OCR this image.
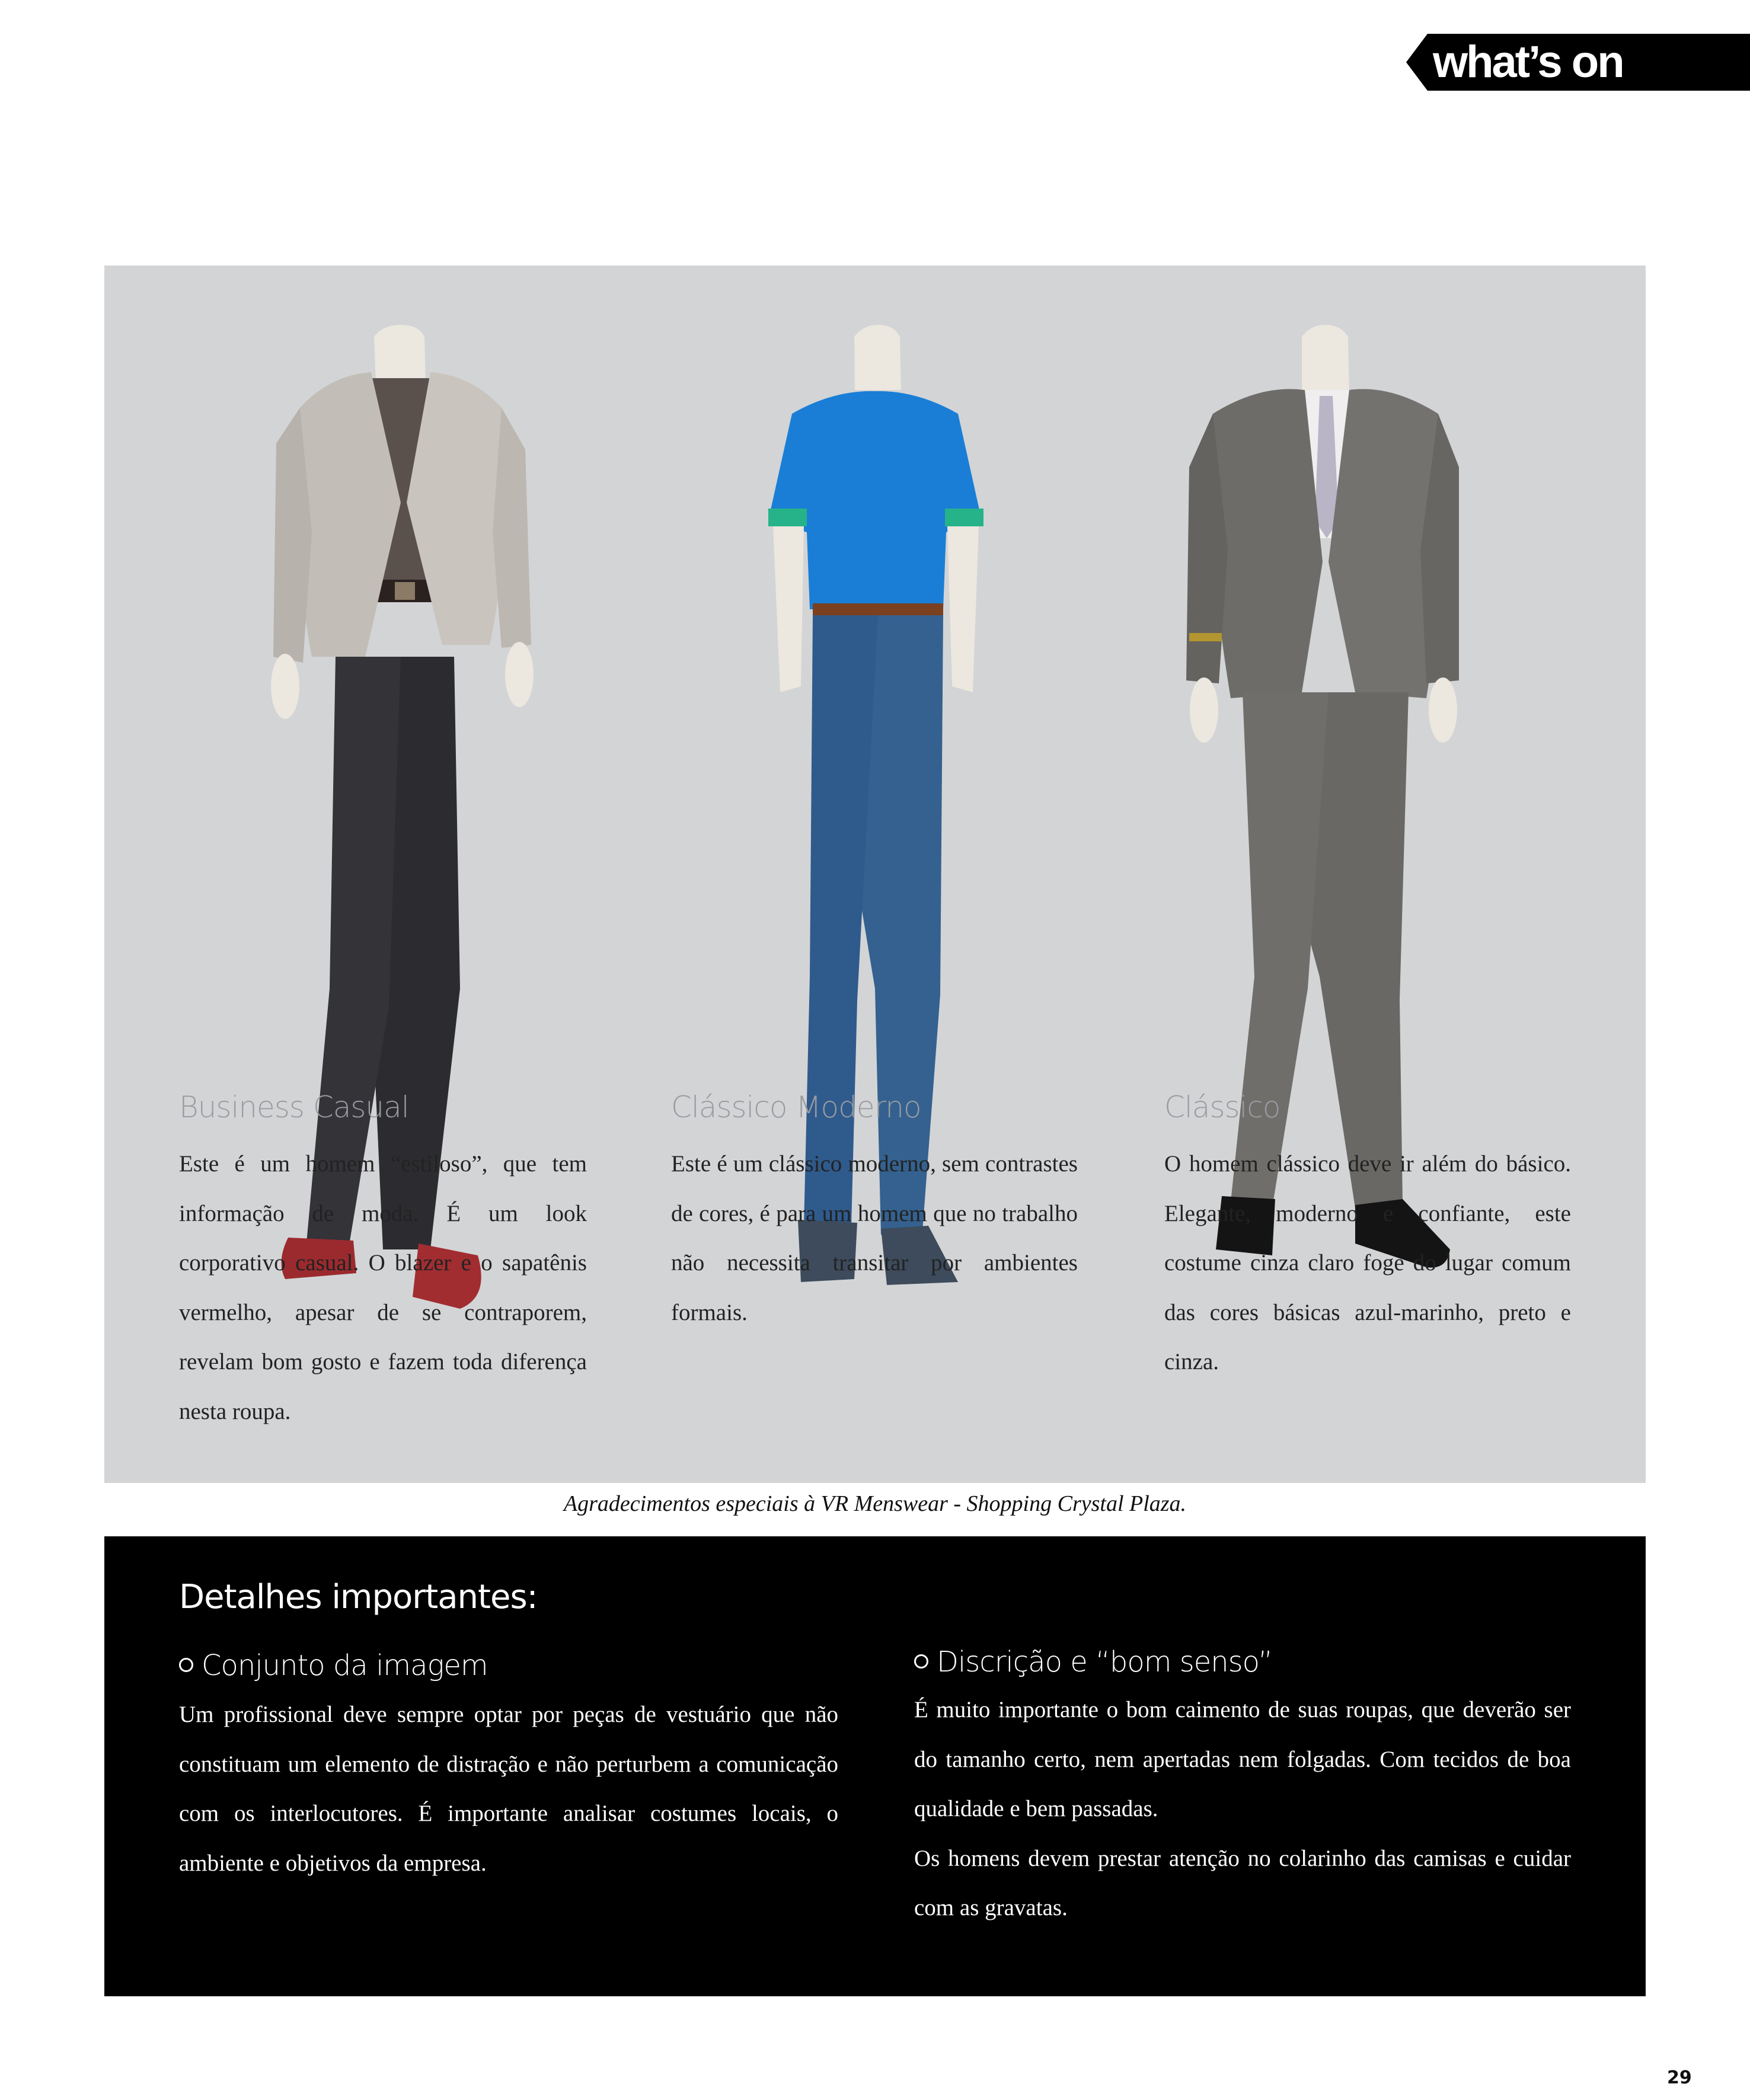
what’s on
Business Casual
Este é um homem “estiloso”, que tem informação de moda. É um look corporativo casual. O blazer e o sapatênis vermelho, apesar de se contraporem, revelam bom gosto e fazem toda diferença nesta roupa.
Clássico Moderno
Este é um clássico moderno, sem contrastes de cores, é para um homem que no trabalho não necessita transitar por ambientes formais.
Clássico
O homem clássico deve ir além do básico. Elegante, moderno e confiante, este costume cinza claro foge do lugar comum das cores básicas azul-marinho, preto e cinza.
Agradecimentos especiais à VR Menswear - Shopping Crystal Plaza.
Detalhes importantes:
Conjunto da imagem
Um profissional deve sempre optar por peças de vestuário que não constituam um elemento de distração e não perturbem a comunicação com os interlocutores. É importante analisar costumes locais, o ambiente e objetivos da empresa.
Discrição e “bom senso”

É muito importante o bom caimento de suas roupas, que deverão ser do tamanho certo, nem apertadas nem folgadas. Com tecidos de boa qualidade e bem passadas.

Os homens devem prestar atenção no colarinho das camisas e cuidar com as gravatas.

29
